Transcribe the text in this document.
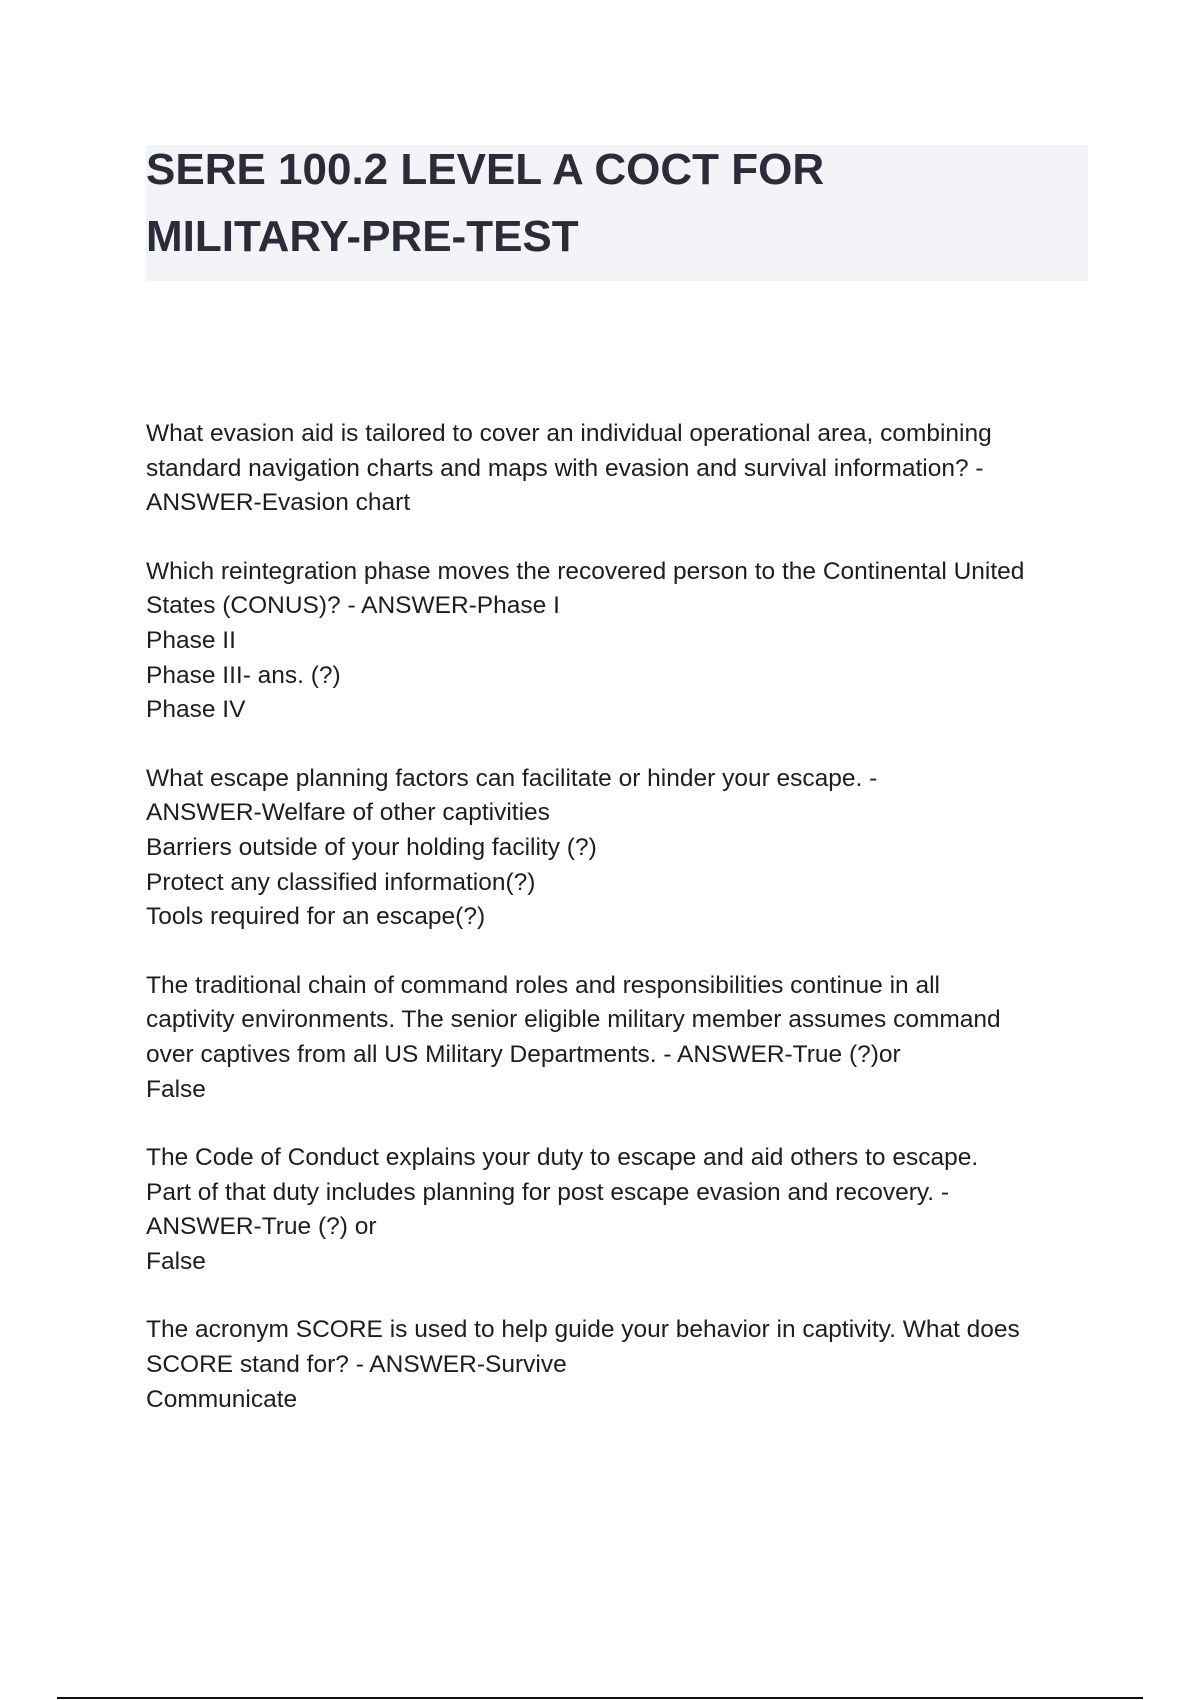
SERE 100.2 LEVEL A COCT FOR
MILITARY-PRE-TEST
What evasion aid is tailored to cover an individual operational area, combining
standard navigation charts and maps with evasion and survival information? -
ANSWER-Evasion chart
Which reintegration phase moves the recovered person to the Continental United
States (CONUS)? - ANSWER-Phase I
Phase II
Phase III- ans. (?)
Phase IV
What escape planning factors can facilitate or hinder your escape. -
ANSWER-Welfare of other captivities
Barriers outside of your holding facility (?)
Protect any classified information(?)
Tools required for an escape(?)
The traditional chain of command roles and responsibilities continue in all
captivity environments. The senior eligible military member assumes command
over captives from all US Military Departments. - ANSWER-True (?)or
False
The Code of Conduct explains your duty to escape and aid others to escape.
Part of that duty includes planning for post escape evasion and recovery. -
ANSWER-True (?) or
False
The acronym SCORE is used to help guide your behavior in captivity. What does
SCORE stand for? - ANSWER-Survive
Communicate
